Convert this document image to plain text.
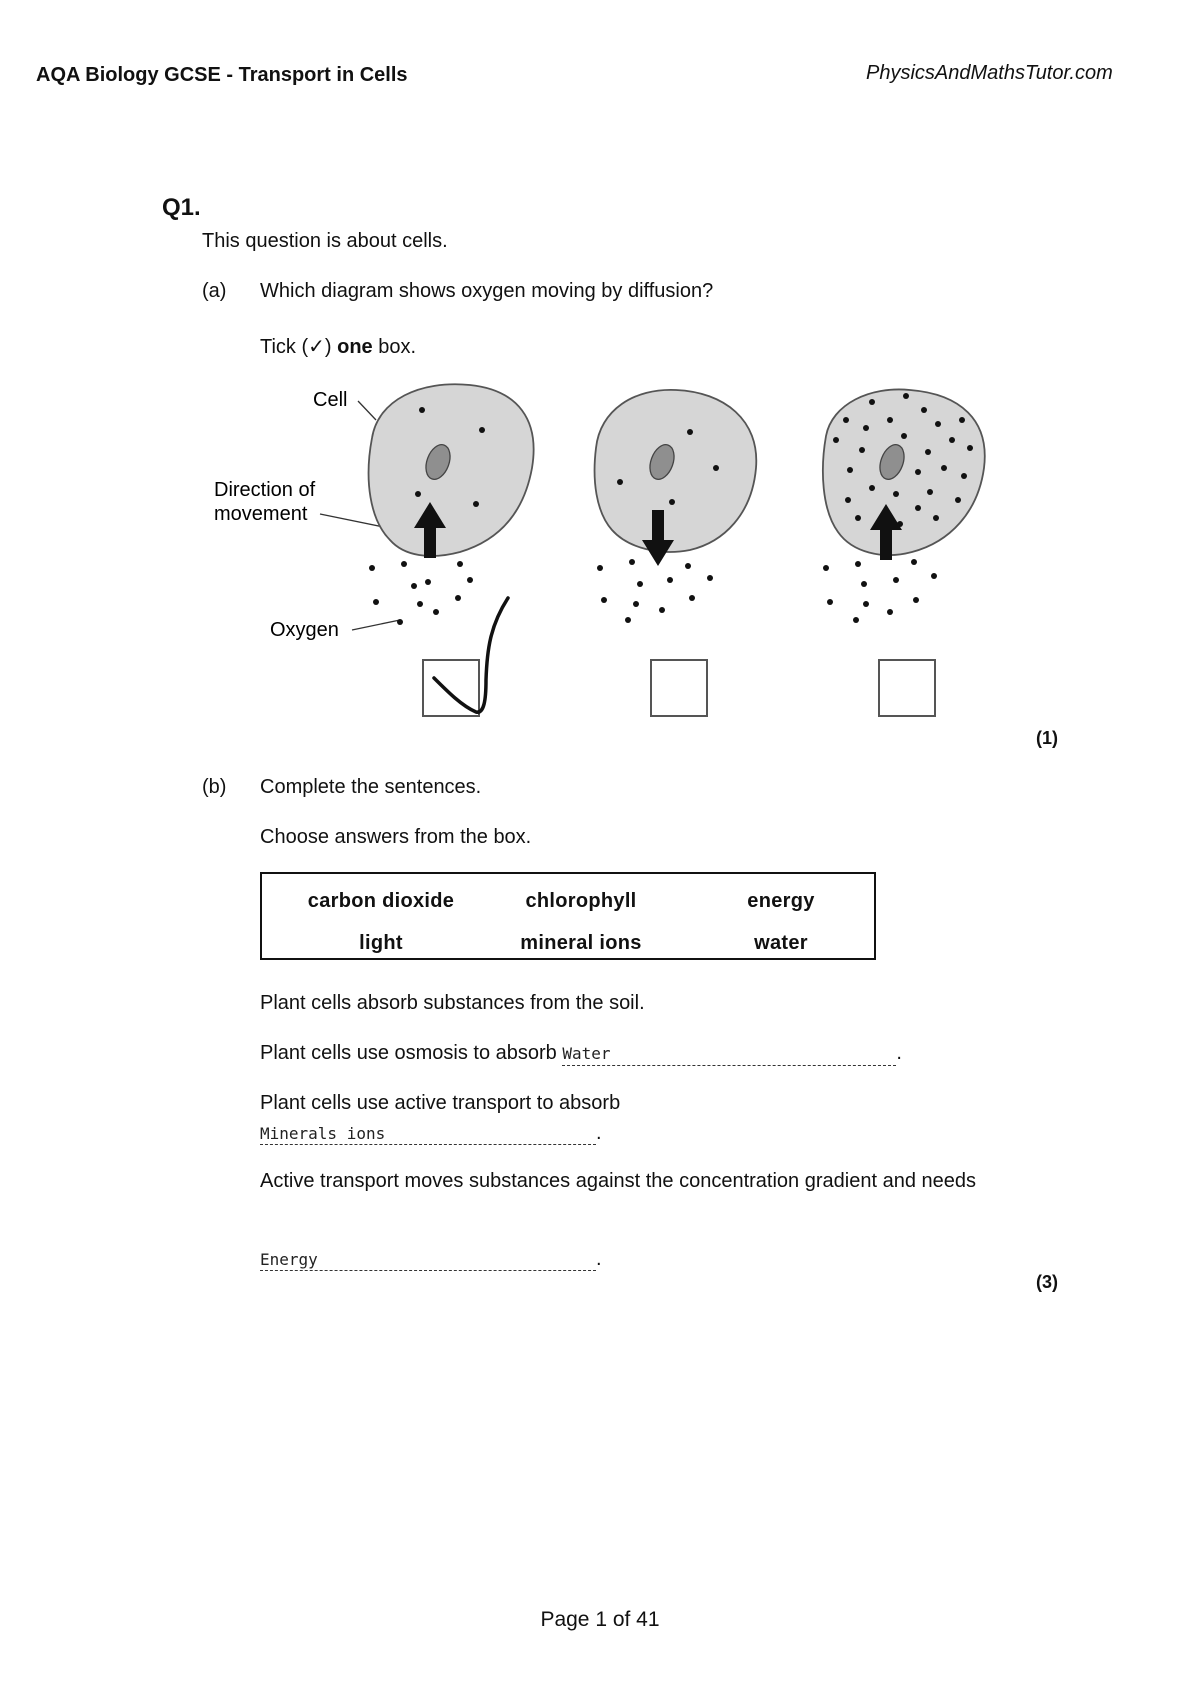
AQA Biology GCSE - Transport in Cells	PhysicsAndMathsTutor.com
Q1.
This question is about cells.
(a) Which diagram shows oxygen moving by diffusion?
Tick (✓) one box.
Cell
Direction of
movement
Oxygen
(1)
(b) Complete the sentences.
Choose answers from the box.
carbon dioxide	chlorophyll	energy
light	mineral ions	water
Plant cells absorb substances from the soil.
Plant cells use osmosis to absorb Water	.
Plant cells use active transport to absorb
Minerals ions	.
Active transport moves substances against the concentration gradient and needs
Energy	.
(3)
Page 1 of 41
